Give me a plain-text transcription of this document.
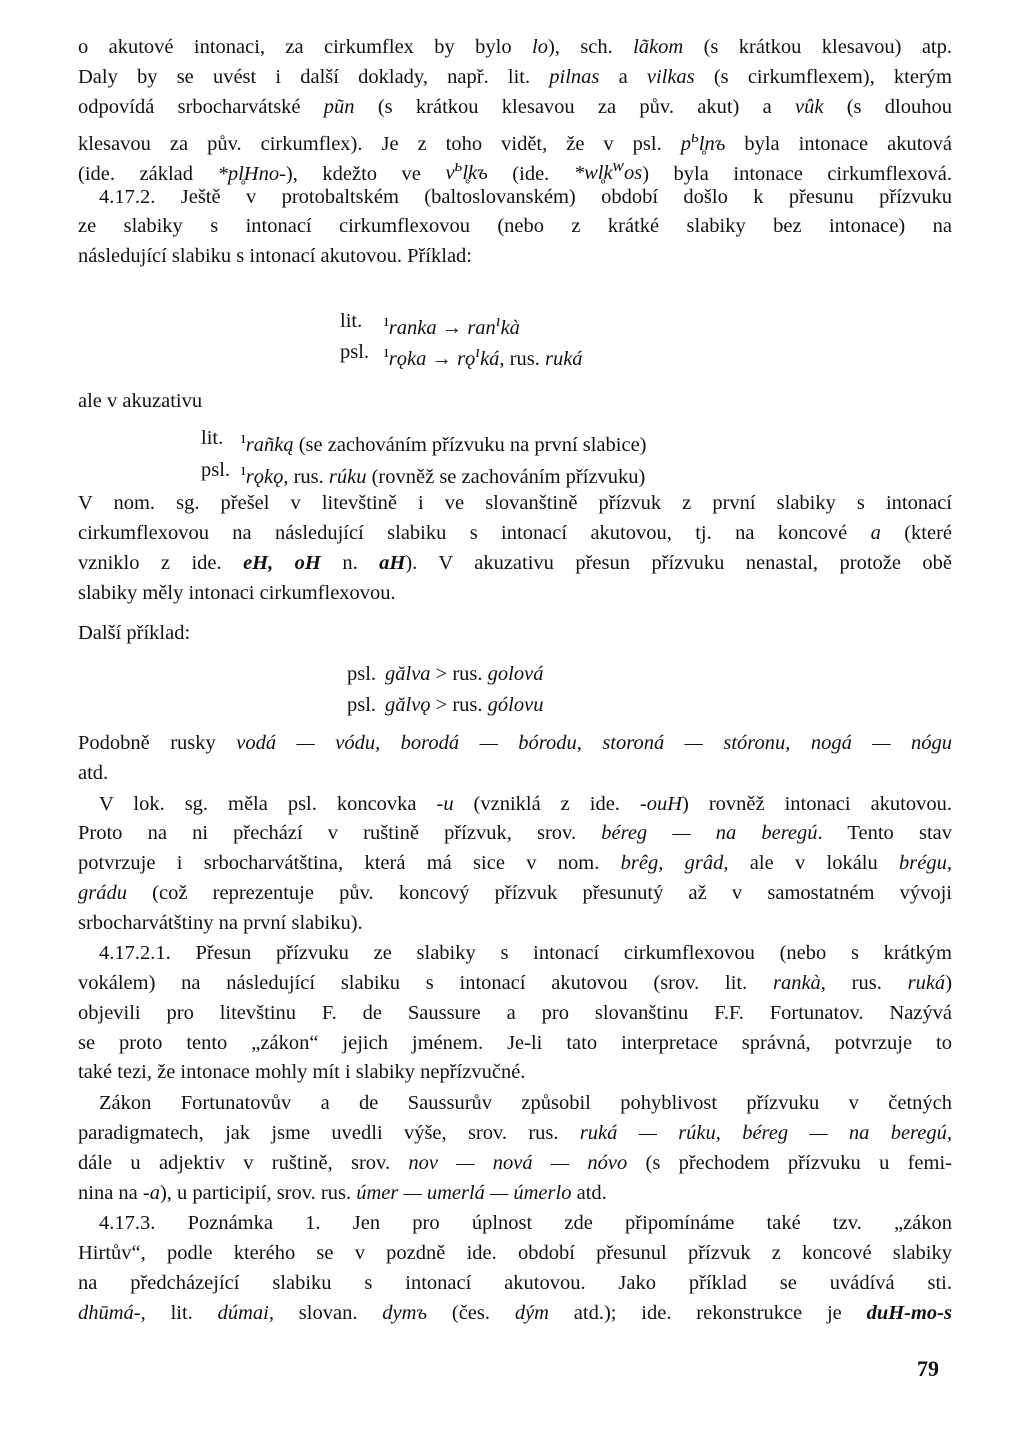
o akutové intonaci, za cirkumflex by bylo lo), sch. lãkom (s krátkou klesavou) atp.
Daly by se uvést i další doklady, např. lit. pilnas a vilkas (s cirkumflexem), kterým
odpovídá srbocharvátské pũn (s krátkou klesavou za pův. akut) a vûk (s dlouhou
klesavou za pův. cirkumflex). Je z toho vidět, že v psl. $p^ьl̥nъ$ byla intonace akutová
(ide. základ *pl̥Hno-), kdežto ve $v^ьl̥kъ$ (ide. $*wl̥k^wos$) byla intonace cirkumflexová.
4.17.2. Ještě v protobaltském (baltoslovanském) období došlo k přesunu přízvuku
ze slabiky s intonací cirkumflexovou (nebo z krátké slabiky bez intonace) na
následující slabiku s intonací akutovou. Příklad:
lit. $^ı$ranka → ran$^ı$kà
psl. $^ı$rǫka → $rǫ^ıká$, rus. ruká
ale v akuzativu
lit. $^ı$rañką (se zachováním přízvuku na první slabice)
psl. $^ı$rǫkǫ, rus. rúku (rovněž se zachováním přízvuku)
V nom. sg. přešel v litevštině i ve slovanštině přízvuk z první slabiky s intonací
cirkumflexovou na následující slabiku s intonací akutovou, tj. na koncové a (které
vzniklo z ide. eH, oH n. aH). V akuzativu přesun přízvuku nenastal, protože obě
slabiky měly intonaci cirkumflexovou.
Další příklad:
psl. gălva > rus. golová
psl. gălvǫ > rus. gólovu
Podobně rusky vodá — vódu, borodá — bórodu, storoná — stóronu, nogá — nógu
atd.
V lok. sg. měla psl. koncovka -u (vzniklá z ide. -ouH) rovněž intonaci akutovou.
Proto na ni přechází v ruštině přízvuk, srov. béreg — na beregú. Tento stav
potvrzuje i srbocharvátština, která má sice v nom. brêg, grâd, ale v lokálu brégu,
grádu (což reprezentuje pův. koncový přízvuk přesunutý až v samostatném vývoji
srbocharvátštiny na první slabiku).
4.17.2.1. Přesun přízvuku ze slabiky s intonací cirkumflexovou (nebo s krátkým
vokálem) na následující slabiku s intonací akutovou (srov. lit. rankà, rus. ruká)
objevili pro litevštinu F. de Saussure a pro slovanštinu F.F. Fortunatov. Nazývá
se proto tento „zákon“ jejich jménem. Je-li tato interpretace správná, potvrzuje to
také tezi, že intonace mohly mít i slabiky nepřízvučné.
Zákon Fortunatovův a de Saussurův způsobil pohyblivost přízvuku v četných
paradigmatech, jak jsme uvedli výše, srov. rus. ruká — rúku, béreg — na beregú,
dále u adjektiv v ruštině, srov. nov — nová — nóvo (s přechodem přízvuku u femi-
nina na -a), u participií, srov. rus. úmer — umerlá — úmerlo atd.
4.17.3. Poznámka 1. Jen pro úplnost zde připomínáme také tzv. „zákon
Hirtův“, podle kterého se v pozdně ide. období přesunul přízvuk z koncové slabiky
na předcházející slabiku s intonací akutovou. Jako příklad se uvádívá sti.
dhūmá-, lit. dúmai, slovan. dymъ (čes. dým atd.); ide. rekonstrukce je duH-mo-s
79
